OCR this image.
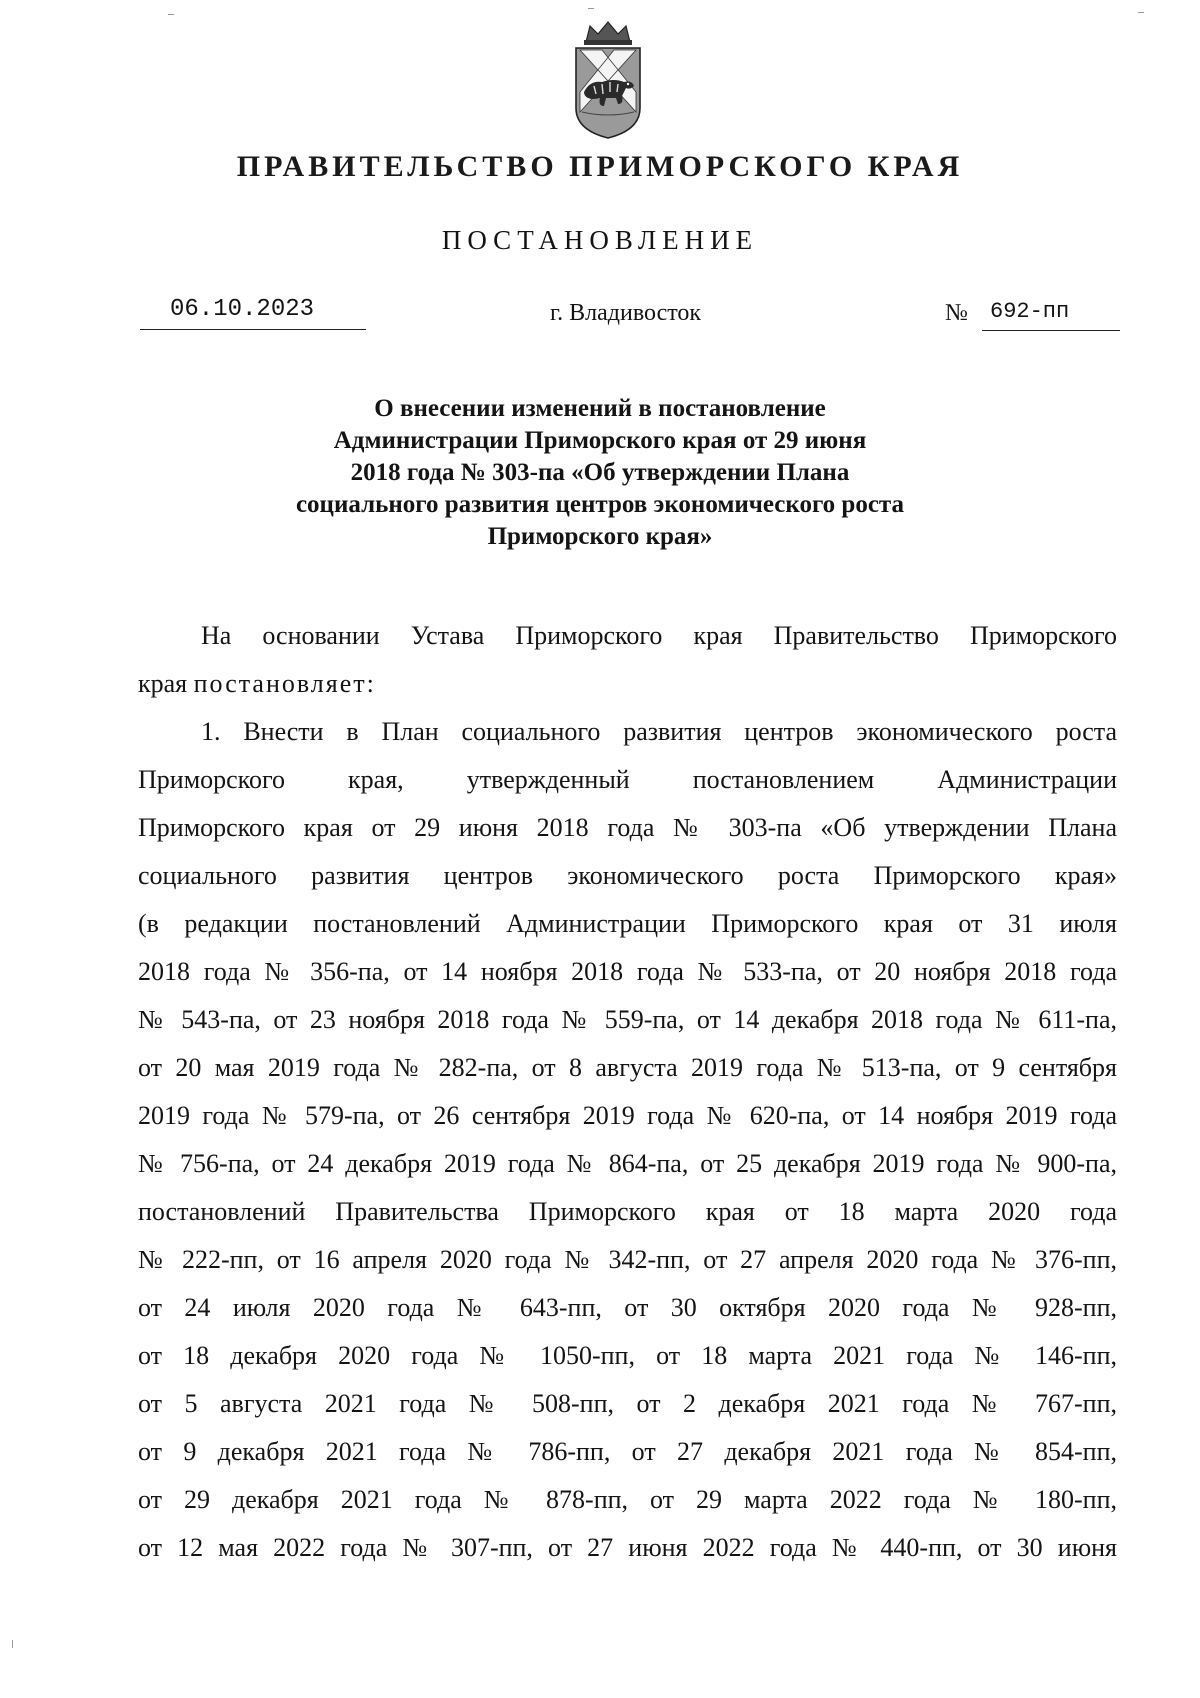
ПРАВИТЕЛЬСТВО ПРИМОРСКОГО КРАЯ
ПОСТАНОВЛЕНИЕ
06.10.2023	г. Владивосток	№	692-пп
О внесении изменений в постановление
Администрации Приморского края от 29 июня
2018 года № 303-па «Об утверждении Плана
социального развития центров экономического роста
Приморского края»
На основании Устава Приморского края Правительство Приморского
края постановляет:
1. Внести в План социального развития центров экономического роста
Приморского края, утвержденный постановлением Администрации
Приморского края от 29 июня 2018 года № 303-па «Об утверждении Плана
социального развития центров экономического роста Приморского края»
(в редакции постановлений Администрации Приморского края от 31 июля
2018 года № 356-па, от 14 ноября 2018 года № 533-па, от 20 ноября 2018 года
№ 543-па, от 23 ноября 2018 года № 559-па, от 14 декабря 2018 года № 611-па,
от 20 мая 2019 года № 282-па, от 8 августа 2019 года № 513-па, от 9 сентября
2019 года № 579-па, от 26 сентября 2019 года № 620-па, от 14 ноября 2019 года
№ 756-па, от 24 декабря 2019 года № 864-па, от 25 декабря 2019 года № 900-па,
постановлений Правительства Приморского края от 18 марта 2020 года
№ 222-пп, от 16 апреля 2020 года № 342-пп, от 27 апреля 2020 года № 376-пп,
от 24 июля 2020 года № 643-пп, от 30 октября 2020 года № 928-пп,
от 18 декабря 2020 года № 1050-пп, от 18 марта 2021 года № 146-пп,
от 5 августа 2021 года № 508-пп, от 2 декабря 2021 года № 767-пп,
от 9 декабря 2021 года № 786-пп, от 27 декабря 2021 года № 854-пп,
от 29 декабря 2021 года № 878-пп, от 29 марта 2022 года № 180-пп,
от 12 мая 2022 года № 307-пп, от 27 июня 2022 года № 440-пп, от 30 июня
